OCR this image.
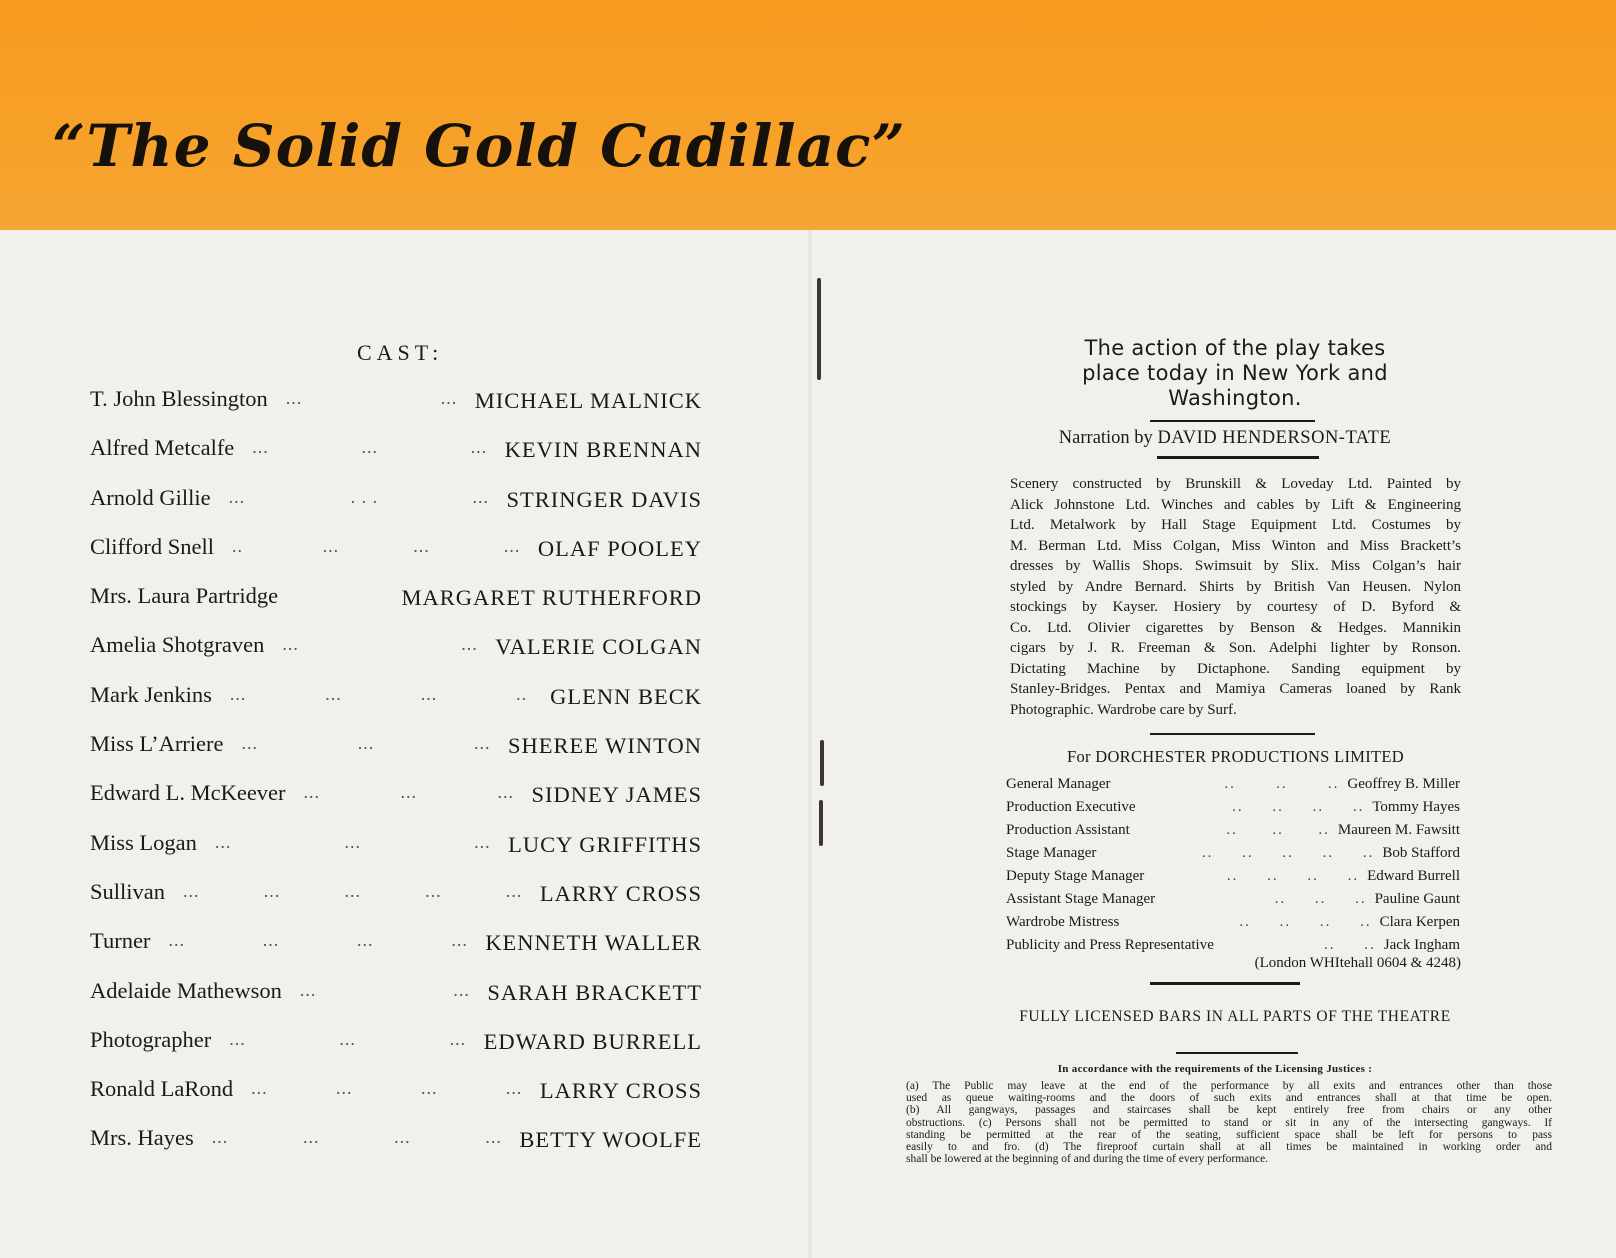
“The Solid Gold Cadillac”
CAST:
T. John Blessington ...	... MICHAEL MALNICK
Alfred Metcalfe ...	...	... KEVIN BRENNAN
Arnold Gillie ...	. . .	... STRINGER DAVIS
Clifford Snell ..	...	...	... OLAF POOLEY
Mrs. Laura Partridge	MARGARET RUTHERFORD
Amelia Shotgraven ...	... VALERIE COLGAN
Mark Jenkins ...	...	...	.. GLENN BECK
Miss L’Arriere ...	...	... SHEREE WINTON
Edward L. McKeever ...	...	... SIDNEY JAMES
Miss Logan ...	...	... LUCY GRIFFITHS
Sullivan ...	...	...	...	... LARRY CROSS
Turner ...	...	...	... KENNETH WALLER
Adelaide Mathewson ...	... SARAH BRACKETT
Photographer ...	...	... EDWARD BURRELL
Ronald LaRond ...	...	...	... LARRY CROSS
Mrs. Hayes ...	...	...	... BETTY WOOLFE
The action of the play takes
place today in New York and
Washington.
Narration by DAVID HENDERSON-TATE

Scenery constructed by Brunskill & Loveday Ltd. Painted by

Alick Johnstone Ltd. Winches and cables by Lift & Engineering

Ltd. Metalwork by Hall Stage Equipment Ltd. Costumes by

M. Berman Ltd. Miss Colgan, Miss Winton and Miss Brackett’s

dresses by Wallis Shops. Swimsuit by Slix. Miss Colgan’s hair

styled by Andre Bernard. Shirts by British Van Heusen. Nylon

stockings by Kayser. Hosiery by courtesy of D. Byford &

Co. Ltd. Olivier cigarettes by Benson & Hedges. Mannikin

cigars by J. R. Freeman & Son. Adelphi lighter by Ronson.

Dictating Machine by Dictaphone. Sanding equipment by

Stanley-Bridges. Pentax and Mamiya Cameras loaned by Rank

Photographic. Wardrobe care by Surf.

For DORCHESTER PRODUCTIONS LIMITED
General Manager	..       ..       .. Geoffrey B. Miller
Production Executive	..     ..     ..     .. Tommy Hayes
Production Assistant	..      ..      .. Maureen M. Fawsitt
Stage Manager	..     ..     ..     ..     .. Bob Stafford
Deputy Stage Manager	..     ..     ..     .. Edward Burrell
Assistant Stage Manager	..     ..     .. Pauline Gaunt
Wardrobe Mistress	..     ..     ..     .. Clara Kerpen
Publicity and Press Representative	..     .. Jack Ingham
(London WHItehall 0604 & 4248)
FULLY LICENSED BARS IN ALL PARTS OF THE THEATRE
In accordance with the requirements of the Licensing Justices :

(a) The Public may leave at the end of the performance by all exits and entrances other than those

used as queue waiting-rooms and the doors of such exits and entrances shall at that time be open.

(b) All gangways, passages and staircases shall be kept entirely free from chairs or any other

obstructions. (c) Persons shall not be permitted to stand or sit in any of the intersecting gangways. If

standing be permitted at the rear of the seating, sufficient space shall be left for persons to pass

easily to and fro. (d) The fireproof curtain shall at all times be maintained in working order and

shall be lowered at the beginning of and during the time of every performance.
